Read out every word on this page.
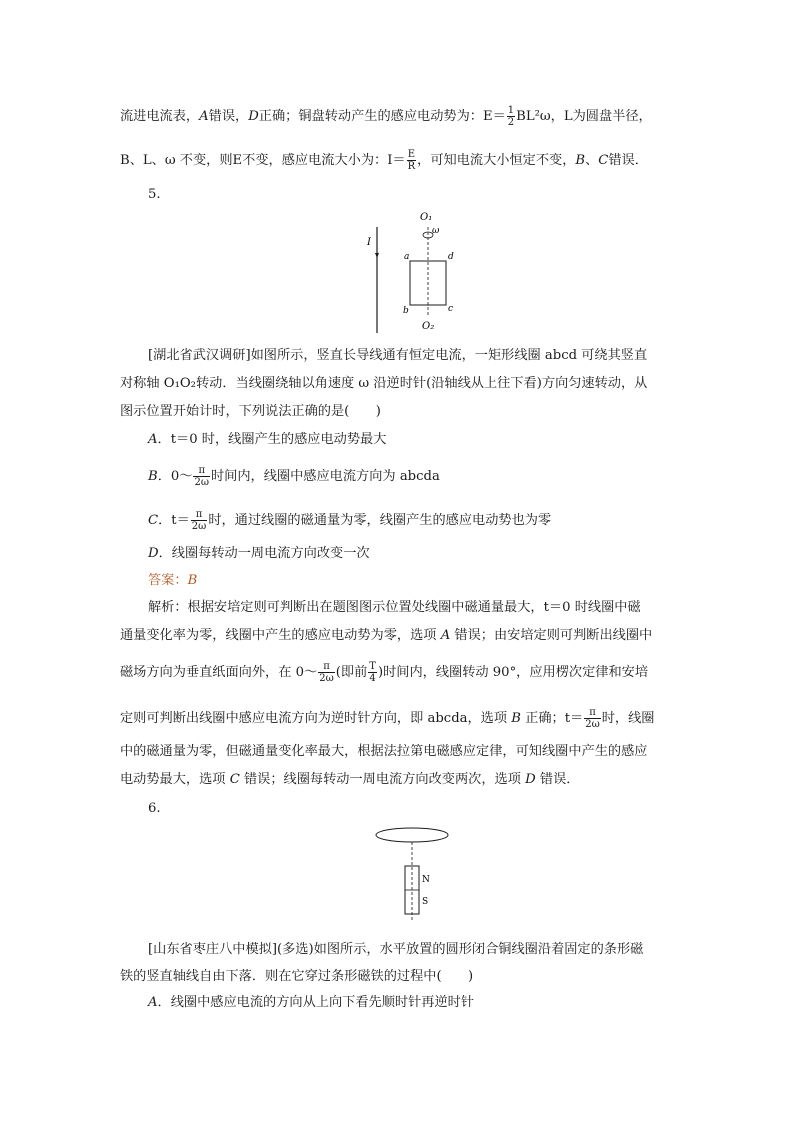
流进电流表，A错误，D正确；铜盘转动产生的感应电动势为：$E= \frac{1}{2} BL^2\omega$，L为圆盘半径，
B、L、ω 不变，则E不变，感应电流大小为：$I= \frac{E}{R}$ ，可知电流大小恒定不变，B、C错误．
5.
I
O₁
ω
a	d
b	c
O₂
[湖北省武汉调研]如图所示，竖直长导线通有恒定电流，一矩形线圈 abcd 可绕其竖直
对称轴 O₁O₂转动．当线圈绕轴以角速度 ω 沿逆时针(沿轴线从上往下看)方向匀速转动，从
图示位置开始计时，下列说法正确的是(　　)
A．t＝0 时，线圈产生的感应电动势最大
B．0～ $\frac{\pi}{2\omega}$ 时间内，线圈中感应电流方向为 abcda
C．$t= \frac{\pi}{2\omega}$ 时，通过线圈的磁通量为零，线圈产生的感应电动势也为零
D．线圈每转动一周电流方向改变一次
答案：B
解析：根据安培定则可判断出在题图图示位置处线圈中磁通量最大，t＝0 时线圈中磁
通量变化率为零，线圈中产生的感应电动势为零，选项 A 错误；由安培定则可判断出线圈中
磁场方向为垂直纸面向外，在 0～ $\frac{\pi}{2\omega}$ (即前 $\frac{T}{4}$ )时间内，线圈转动 90°，应用楞次定律和安培
定则可判断出线圈中感应电流方向为逆时针方向，即 abcda，选项 B 正确；$t= \frac{\pi}{2\omega}$ 时，线圈
中的磁通量为零，但磁通量变化率最大，根据法拉第电磁感应定律，可知线圈中产生的感应
电动势最大，选项 C 错误；线圈每转动一周电流方向改变两次，选项 D 错误．
6.
N
S
[山东省枣庄八中模拟](多选)如图所示，水平放置的圆形闭合铜线圈沿着固定的条形磁
铁的竖直轴线自由下落．则在它穿过条形磁铁的过程中(　　)
A．线圈中感应电流的方向从上向下看先顺时针再逆时针
